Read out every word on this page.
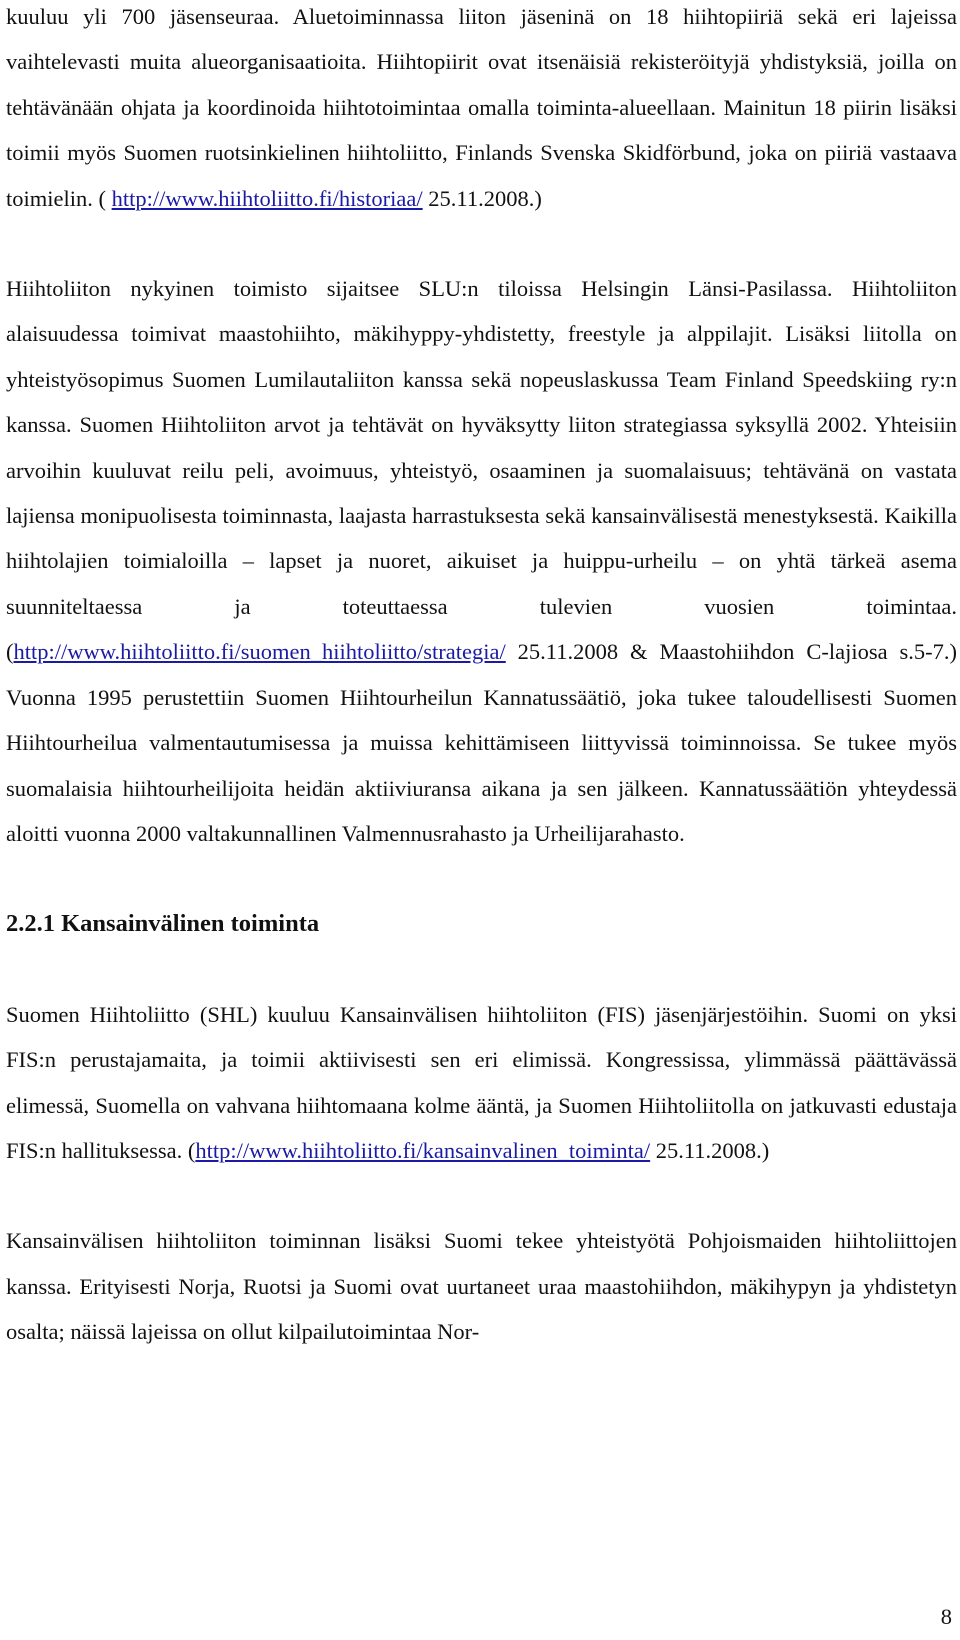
kuuluu yli 700 jäsenseuraa. Aluetoiminnassa liiton jäseninä on 18 hiihtopiiriä sekä eri lajeissa vaihtelevasti muita alueorganisaatioita. Hiihtopiirit ovat itsenäisiä rekisteröityjä yhdistyksiä, joilla on tehtävänään ohjata ja koordinoida hiihtotoimintaa omalla toiminta-alueellaan. Mainitun 18 piirin lisäksi toimii myös Suomen ruotsinkielinen hiihtoliitto, Finlands Svenska Skidförbund, joka on piiriä vastaava toimielin. ( http://www.hiihtoliitto.fi/historiaa/ 25.11.2008.)

Hiihtoliiton nykyinen toimisto sijaitsee SLU:n tiloissa Helsingin Länsi-Pasilassa. Hiihtoliiton alaisuudessa toimivat maastohiihto, mäkihyppy-yhdistetty, freestyle ja alppilajit. Lisäksi liitolla on yhteistyösopimus Suomen Lumilautaliiton kanssa sekä nopeuslaskussa Team Finland Speedskiing ry:n kanssa. Suomen Hiihtoliiton arvot ja tehtävät on hyväksytty liiton strategiassa syksyllä 2002. Yhteisiin arvoihin kuuluvat reilu peli, avoimuus, yhteistyö, osaaminen ja suomalaisuus; tehtävänä on vastata lajiensa monipuolisesta toiminnasta, laajasta harrastuksesta sekä kansainvälisestä menestyksestä. Kaikilla hiihtolajien toimialoilla – lapset ja nuoret, aikuiset ja huippu-urheilu – on yhtä tärkeä asema suunniteltaessa ja toteuttaessa tulevien vuosien toimintaa. (http://www.hiihtoliitto.fi/suomen_hiihtoliitto/strategia/ 25.11.2008 & Maastohiihdon C-lajiosa s.5-7.) Vuonna 1995 perustettiin Suomen Hiihtourheilun Kannatussäätiö, joka tukee taloudellisesti Suomen Hiihtourheilua valmentautumisessa ja muissa kehittämiseen liittyvissä toiminnoissa. Se tukee myös suomalaisia hiihtourheilijoita heidän aktiiviuransa aikana ja sen jälkeen. Kannatussäätiön yhteydessä aloitti vuonna 2000 valtakunnallinen Valmennusrahasto ja Urheilijarahasto.

2.2.1 Kansainvälinen toiminta

Suomen Hiihtoliitto (SHL) kuuluu Kansainvälisen hiihtoliiton (FIS) jäsenjärjestöihin. Suomi on yksi FIS:n perustajamaita, ja toimii aktiivisesti sen eri elimissä. Kongressissa, ylimmässä päättävässä elimessä, Suomella on vahvana hiihtomaana kolme ääntä, ja Suomen Hiihtoliitolla on jatkuvasti edustaja FIS:n hallituksessa. (http://www.hiihtoliitto.fi/kansainvalinen_toiminta/ 25.11.2008.)

Kansainvälisen hiihtoliiton toiminnan lisäksi Suomi tekee yhteistyötä Pohjoismaiden hiihtoliittojen kanssa. Erityisesti Norja, Ruotsi ja Suomi ovat uurtaneet uraa maastohiihdon, mäkihypyn ja yhdistetyn osalta; näissä lajeissa on ollut kilpailutoimintaa Nor-

8
